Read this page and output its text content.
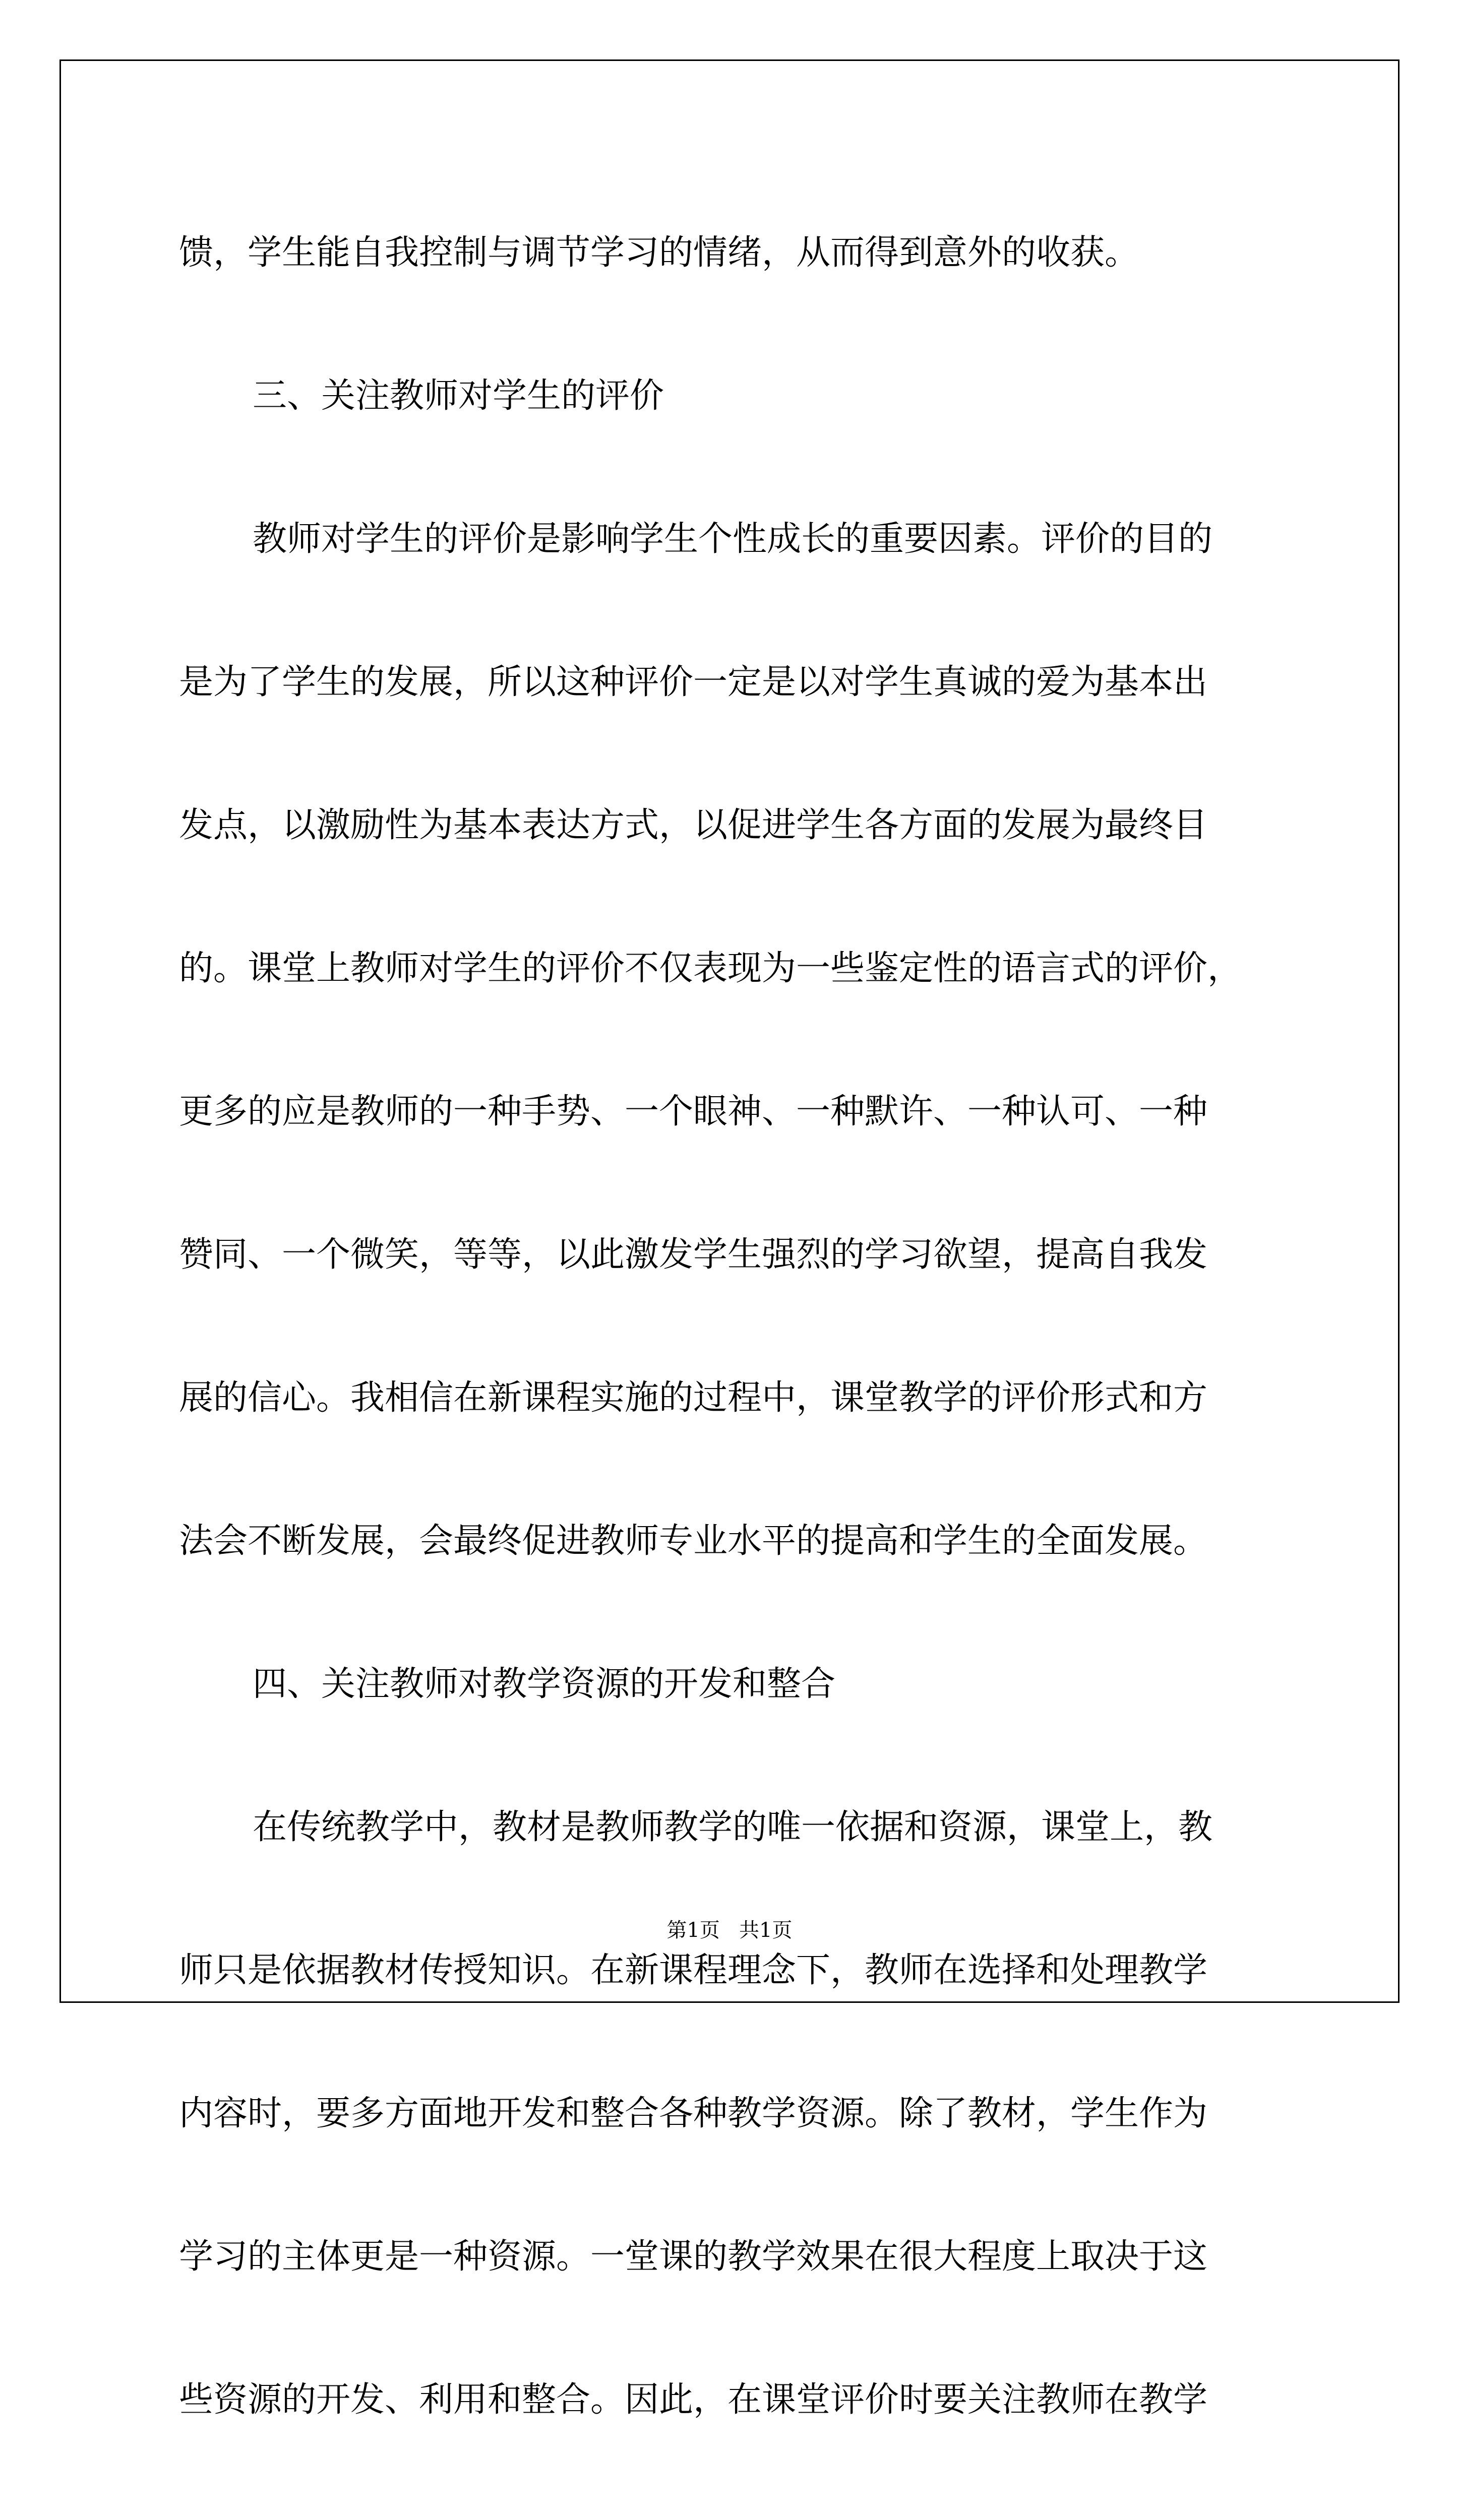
馈，学生能自我控制与调节学习的情绪，从而得到意外的收获。
三、关注教师对学生的评价
教师对学生的评价是影响学生个性成长的重要因素。评价的目的
是为了学生的发展，所以这种评价一定是以对学生真诚的爱为基本出
发点，以激励性为基本表达方式，以促进学生各方面的发展为最终目
的。课堂上教师对学生的评价不仅表现为一些鉴定性的语言式的评价，
更多的应是教师的一种手势、一个眼神、一种默许、一种认可、一种
赞同、一个微笑，等等，以此激发学生强烈的学习欲望，提高自我发
展的信心。我相信在新课程实施的过程中，课堂教学的评价形式和方
法会不断发展，会最终促进教师专业水平的提高和学生的全面发展。
四、关注教师对教学资源的开发和整合
在传统教学中，教材是教师教学的唯一依据和资源，课堂上，教
师只是依据教材传授知识。在新课程理念下，教师在选择和处理教学
内容时，要多方面地开发和整合各种教学资源。除了教材，学生作为
学习的主体更是一种资源。一堂课的教学效果在很大程度上取决于这
些资源的开发、利用和整合。因此，在课堂评价时要关注教师在教学
第1页   共1页
